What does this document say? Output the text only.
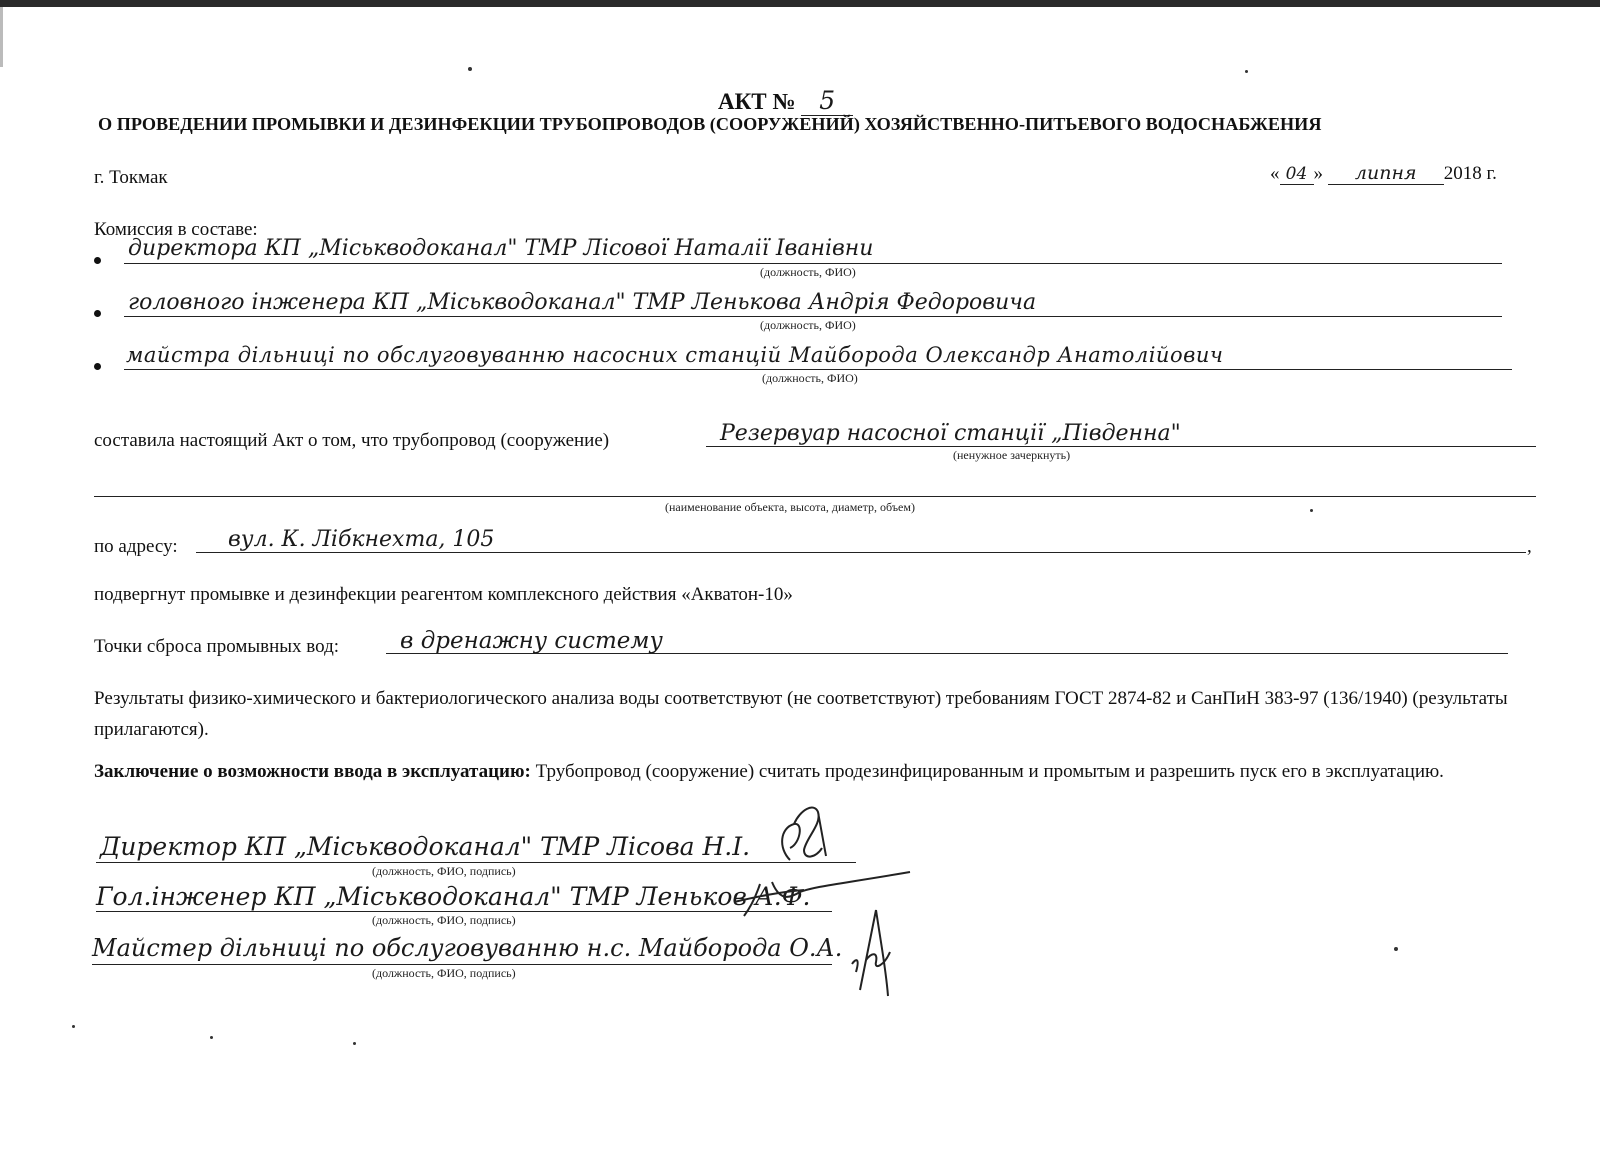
АКТ № 5
О ПРОВЕДЕНИИ ПРОМЫВКИ И ДЕЗИНФЕКЦИИ ТРУБОПРОВОДОВ (СООРУЖЕНИЙ) ХОЗЯЙСТВЕННО-ПИТЬЕВОГО ВОДОСНАБЖЕНИЯ
г. Токмак	« 04 » липня 2018 г.
Комиссия в составе:
директора КП „Міськводоканал" ТМР Лісової Наталії Іванівни
(должность, ФИО)
головного інженера КП „Міськводоканал" ТМР Ленькова Андрія Федоровича
(должность, ФИО)
майстра дільниці по обслуговуванню насосних станцій Майборода Олександр Анатолійович
(должность, ФИО)
составила настоящий Акт о том, что трубопровод (сооружение)	Резервуар насосної станції „Південна"
(ненужное зачеркнуть)
(наименование объекта, высота, диаметр, объем)
по адресу: вул. К. Лібкнехта, 105	,
подвергнут промывке и дезинфекции реагентом комплексного действия «Акватон-10»
Точки сброса промывных вод:	в дренажну систему
Результаты физико-химического и бактериологического анализа воды соответствуют (не соответствуют) требованиям ГОСТ 2874-82 и СанПиН 383-97 (136/1940) (результаты прилагаются).
Заключение о возможности ввода в эксплуатацию: Трубопровод (сооружение) считать продезинфицированным и промытым и разрешить пуск его в эксплуатацию.
Директор КП „Міськводоканал" ТМР Лісова Н.І.
(должность, ФИО, подпись)
Гол.інженер КП „Міськводоканал" ТМР Леньков А.Ф.
(должность, ФИО, подпись)
Майстер дільниці по обслуговуванню н.с. Майборода О.А.
(должность, ФИО, подпись)
